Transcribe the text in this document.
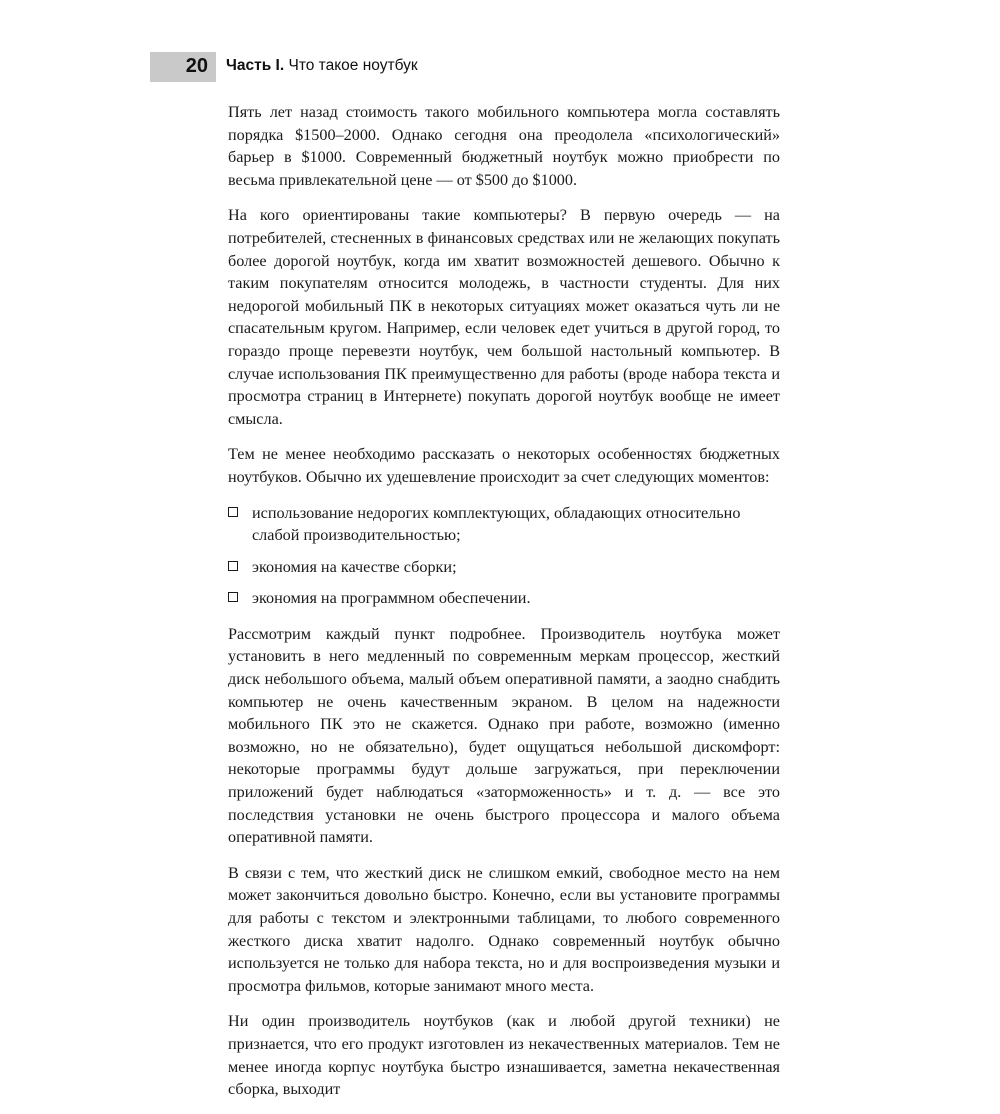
20 Часть I. Что такое ноутбук

Пять лет назад стоимость такого мобильного компьютера могла составлять порядка $1500–2000. Однако сегодня она преодолела «психологический» барьер в $1000. Современный бюджетный ноутбук можно приобрести по весьма привлекательной цене — от $500 до $1000.

На кого ориентированы такие компьютеры? В первую очередь — на потребителей, стесненных в финансовых средствах или не желающих покупать более дорогой ноутбук, когда им хватит возможностей дешевого. Обычно к таким покупателям относится молодежь, в частности студенты. Для них недорогой мобильный ПК в некоторых ситуациях может оказаться чуть ли не спасательным кругом. Например, если человек едет учиться в другой город, то гораздо проще перевезти ноутбук, чем большой настольный компьютер. В случае использования ПК преимущественно для работы (вроде набора текста и просмотра страниц в Интернете) покупать дорогой ноутбук вообще не имеет смысла.

Тем не менее необходимо рассказать о некоторых особенностях бюджетных ноутбуков. Обычно их удешевление происходит за счет следующих моментов:

использование недорогих комплектующих, обладающих относительно слабой производительностью;
экономия на качестве сборки;
экономия на программном обеспечении.

Рассмотрим каждый пункт подробнее. Производитель ноутбука может установить в него медленный по современным меркам процессор, жесткий диск небольшого объема, малый объем оперативной памяти, а заодно снабдить компьютер не очень качественным экраном. В целом на надежности мобильного ПК это не скажется. Однако при работе, возможно (именно возможно, но не обязательно), будет ощущаться небольшой дискомфорт: некоторые программы будут дольше загружаться, при переключении приложений будет наблюдаться «заторможенность» и т. д. — все это последствия установки не очень быстрого процессора и малого объема оперативной памяти.

В связи с тем, что жесткий диск не слишком емкий, свободное место на нем может закончиться довольно быстро. Конечно, если вы установите программы для работы с текстом и электронными таблицами, то любого современного жесткого диска хватит надолго. Однако современный ноутбук обычно используется не только для набора текста, но и для воспроизведения музыки и просмотра фильмов, которые занимают много места.

Ни один производитель ноутбуков (как и любой другой техники) не признается, что его продукт изготовлен из некачественных материалов. Тем не менее иногда корпус ноутбука быстро изнашивается, заметна некачественная сборка, выходит
